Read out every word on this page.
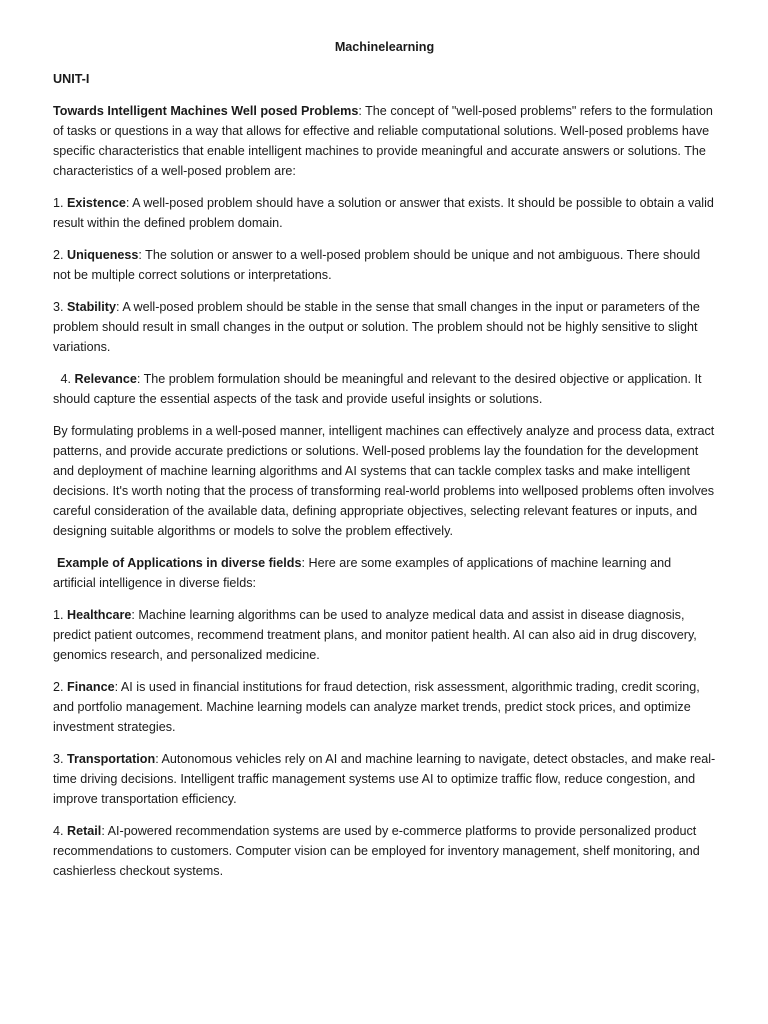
Machinelearning

UNIT-I

Towards Intelligent Machines Well posed Problems: The concept of "well-posed problems" refers to the formulation of tasks or questions in a way that allows for effective and reliable computational solutions. Well-posed problems have specific characteristics that enable intelligent machines to provide meaningful and accurate answers or solutions. The characteristics of a well-posed problem are:

1. Existence: A well-posed problem should have a solution or answer that exists. It should be possible to obtain a valid result within the defined problem domain.

2. Uniqueness: The solution or answer to a well-posed problem should be unique and not ambiguous. There should not be multiple correct solutions or interpretations.

3. Stability: A well-posed problem should be stable in the sense that small changes in the input or parameters of the problem should result in small changes in the output or solution. The problem should not be highly sensitive to slight variations.

4. Relevance: The problem formulation should be meaningful and relevant to the desired objective or application. It should capture the essential aspects of the task and provide useful insights or solutions.

By formulating problems in a well-posed manner, intelligent machines can effectively analyze and process data, extract patterns, and provide accurate predictions or solutions. Well-posed problems lay the foundation for the development and deployment of machine learning algorithms and AI systems that can tackle complex tasks and make intelligent decisions. It's worth noting that the process of transforming real-world problems into wellposed problems often involves careful consideration of the available data, defining appropriate objectives, selecting relevant features or inputs, and designing suitable algorithms or models to solve the problem effectively.

Example of Applications in diverse fields: Here are some examples of applications of machine learning and artificial intelligence in diverse fields:

1. Healthcare: Machine learning algorithms can be used to analyze medical data and assist in disease diagnosis, predict patient outcomes, recommend treatment plans, and monitor patient health. AI can also aid in drug discovery, genomics research, and personalized medicine.

2. Finance: AI is used in financial institutions for fraud detection, risk assessment, algorithmic trading, credit scoring, and portfolio management. Machine learning models can analyze market trends, predict stock prices, and optimize investment strategies.

3. Transportation: Autonomous vehicles rely on AI and machine learning to navigate, detect obstacles, and make real-time driving decisions. Intelligent traffic management systems use AI to optimize traffic flow, reduce congestion, and improve transportation efficiency.

4. Retail: AI-powered recommendation systems are used by e-commerce platforms to provide personalized product recommendations to customers. Computer vision can be employed for inventory management, shelf monitoring, and cashierless checkout systems.
